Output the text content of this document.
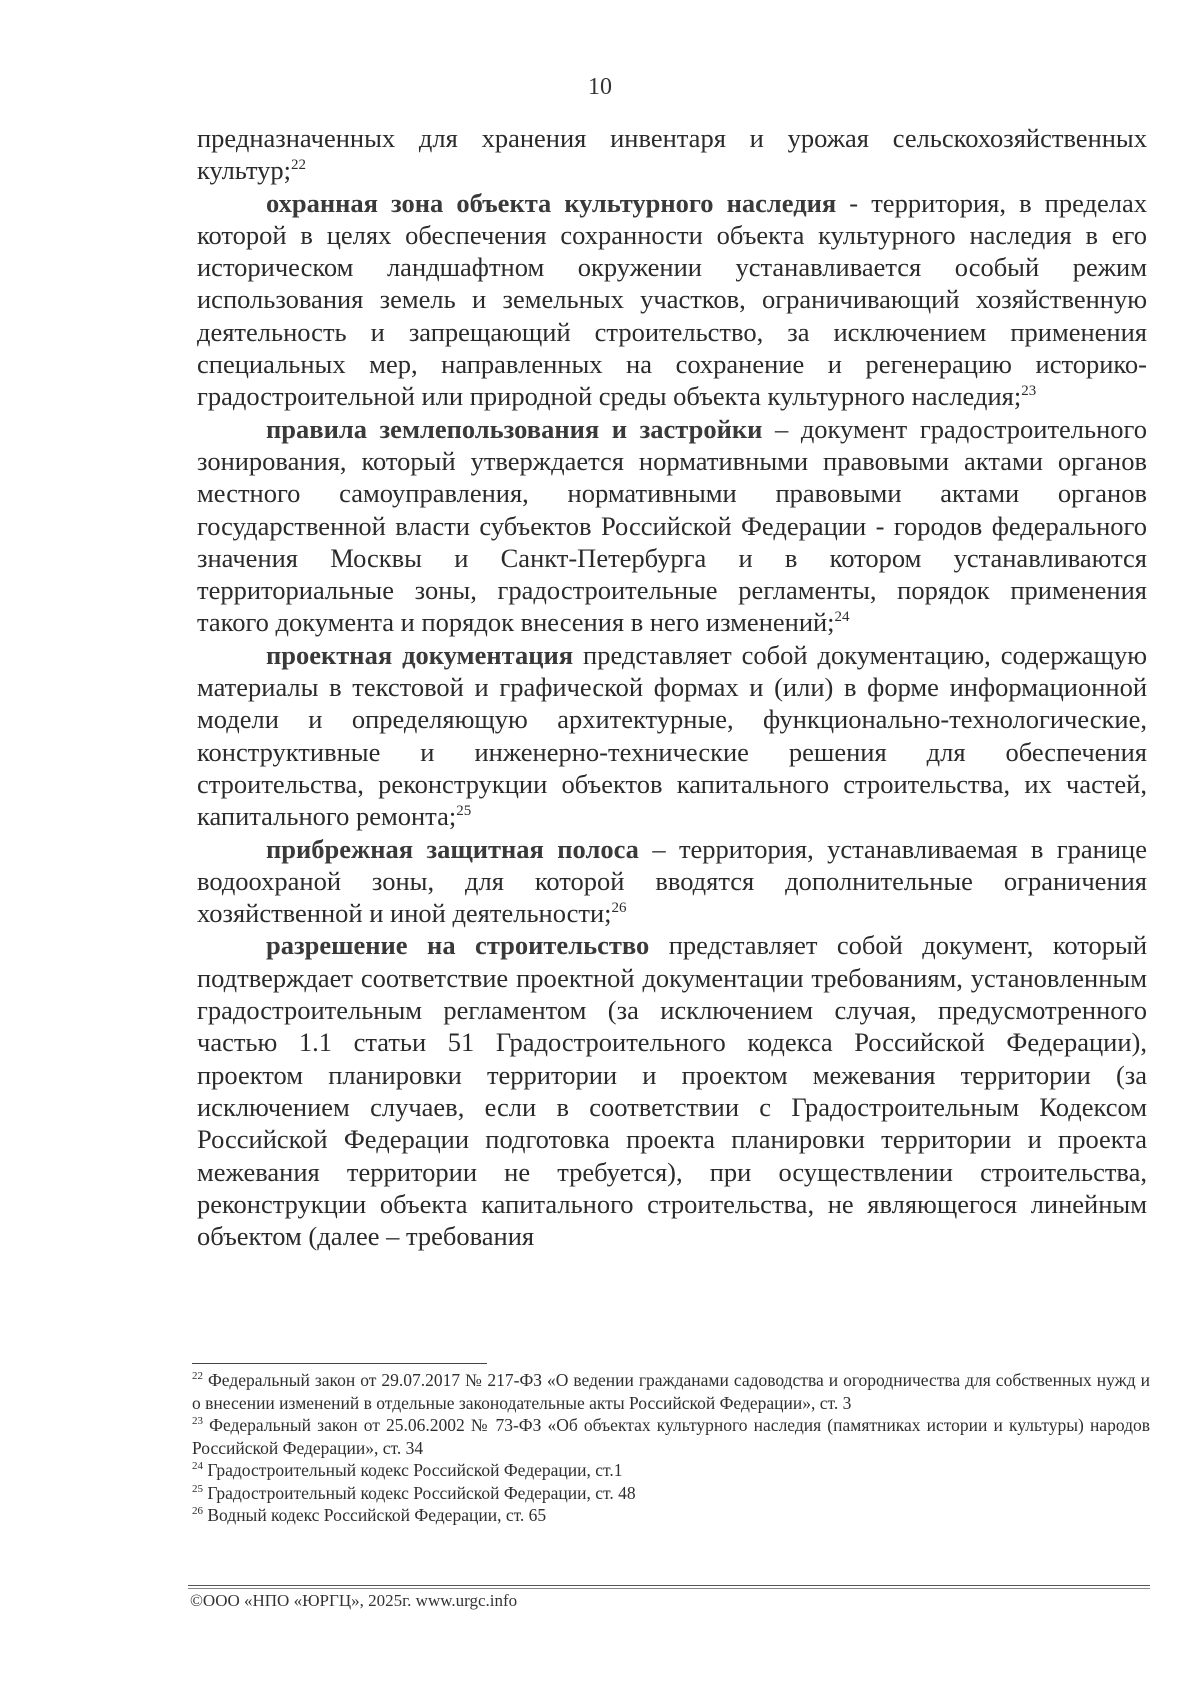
10

предназначенных для хранения инвентаря и урожая сельскохозяйственных культур;$^{22}$

охранная зона объекта культурного наследия - территория, в пределах которой в целях обеспечения сохранности объекта культурного наследия в его историческом ландшафтном окружении устанавливается особый режим использования земель и земельных участков, ограничивающий хозяйственную деятельность и запрещающий строительство, за исключением применения специальных мер, направленных на сохранение и регенерацию историко-градостроительной или природной среды объекта культурного наследия;$^{23}$

правила землепользования и застройки – документ градостроительного зонирования, который утверждается нормативными правовыми актами органов местного самоуправления, нормативными правовыми актами органов государственной власти субъектов Российской Федерации - городов федерального значения Москвы и Санкт-Петербурга и в котором устанавливаются территориальные зоны, градостроительные регламенты, порядок применения такого документа и порядок внесения в него изменений;$^{24}$

проектная документация представляет собой документацию, содержащую материалы в текстовой и графической формах и (или) в форме информационной модели и определяющую архитектурные, функционально-технологические, конструктивные и инженерно-технические решения для обеспечения строительства, реконструкции объектов капитального строительства, их частей, капитального ремонта;$^{25}$

прибрежная защитная полоса – территория, устанавливаемая в границе водоохраной зоны, для которой вводятся дополнительные ограничения хозяйственной и иной деятельности;$^{26}$

разрешение на строительство представляет собой документ, который подтверждает соответствие проектной документации требованиям, установленным градостроительным регламентом (за исключением случая, предусмотренного частью 1.1 статьи 51 Градостроительного кодекса Российской Федерации), проектом планировки территории и проектом межевания территории (за исключением случаев, если в соответствии с Градостроительным Кодексом Российской Федерации подготовка проекта планировки территории и проекта межевания территории не требуется), при осуществлении строительства, реконструкции объекта капитального строительства, не являющегося линейным объектом (далее – требования

$^{22}$ Федеральный закон от 29.07.2017 № 217-ФЗ «О ведении гражданами садоводства и огородничества для собственных нужд и о внесении изменений в отдельные законодательные акты Российской Федерации», ст. 3

$^{23}$ Федеральный закон от 25.06.2002 № 73-ФЗ «Об объектах культурного наследия (памятниках истории и культуры) народов Российской Федерации», ст. 34

$^{24}$ Градостроительный кодекс Российской Федерации, ст.1

$^{25}$ Градостроительный кодекс Российской Федерации, ст. 48

$^{26}$ Водный кодекс Российской Федерации, ст. 65

©ООО «НПО «ЮРГЦ», 2025г. www.urgc.info
